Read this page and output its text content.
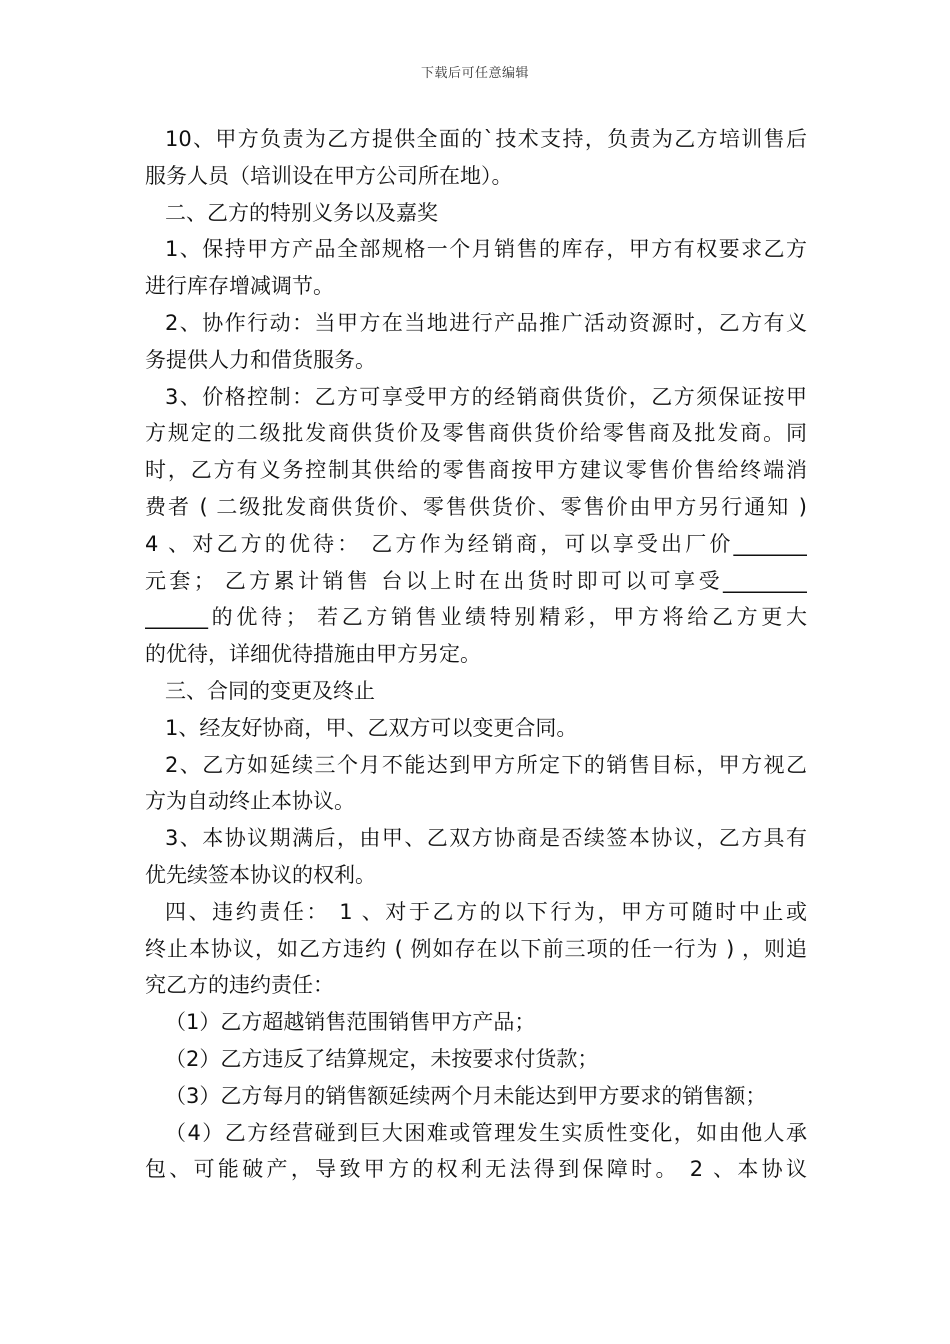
下载后可任意编辑
10、甲方负责为乙方提供全面的`技术支持，负责为乙方培训售后
服务人员（培训设在甲方公司所在地）。
二、乙方的特别义务以及嘉奖
1、保持甲方产品全部规格一个月销售的库存，甲方有权要求乙方
进行库存增减调节。
2、协作行动：当甲方在当地进行产品推广活动资源时，乙方有义
务提供人力和借货服务。
3、价格控制：乙方可享受甲方的经销商供货价，乙方须保证按甲
方规定的二级批发商供货价及零售商供货价给零售商及批发商。同
时，乙方有义务控制其供给的零售商按甲方建议零售价售给终端消
费者 ( 二级批发商供货价、零售供货价、零售价由甲方另行通知 )
4 、对乙方的优待： 乙方作为经销商，可以享受出厂价_______
元套； 乙方累计销售 台以上时在出货时即可以可享受________
______的优待； 若乙方销售业绩特别精彩，甲方将给乙方更大
的优待，详细优待措施由甲方另定。
三、合同的变更及终止
1、经友好协商，甲、乙双方可以变更合同。
2、乙方如延续三个月不能达到甲方所定下的销售目标，甲方视乙
方为自动终止本协议。
3、本协议期满后，由甲、乙双方协商是否续签本协议，乙方具有
优先续签本协议的权利。
四、违约责任： 1 、对于乙方的以下行为，甲方可随时中止或
终止本协议，如乙方违约 ( 例如存在以下前三项的任一行为 ) ，则追
究乙方的违约责任：
（1）乙方超越销售范围销售甲方产品；
（2）乙方违反了结算规定，未按要求付货款；
（3）乙方每月的销售额延续两个月未能达到甲方要求的销售额；
（4）乙方经营碰到巨大困难或管理发生实质性变化，如由他人承
包、可能破产，导致甲方的权利无法得到保障时。 2 、本协议
